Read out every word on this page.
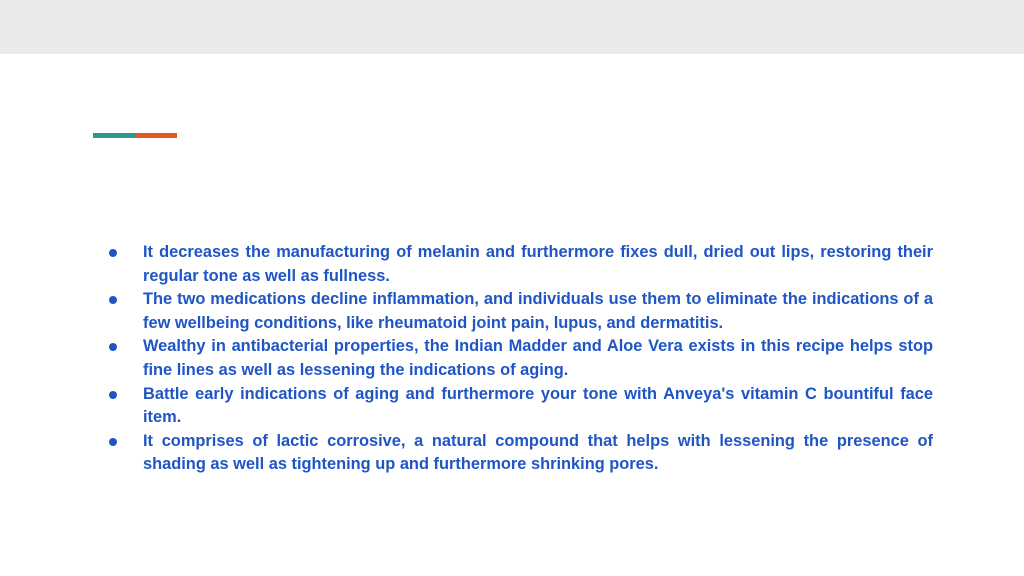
It decreases the manufacturing of melanin and furthermore fixes dull, dried out lips, restoring their regular tone as well as fullness.
The two medications decline inflammation, and individuals use them to eliminate the indications of a few wellbeing conditions, like rheumatoid joint pain, lupus, and dermatitis.
Wealthy in antibacterial properties, the Indian Madder and Aloe Vera exists in this recipe helps stop fine lines as well as lessening the indications of aging.
Battle early indications of aging and furthermore your tone with Anveya's vitamin C bountiful face item.
It comprises of lactic corrosive, a natural compound that helps with lessening the presence of shading as well as tightening up and furthermore shrinking pores.
